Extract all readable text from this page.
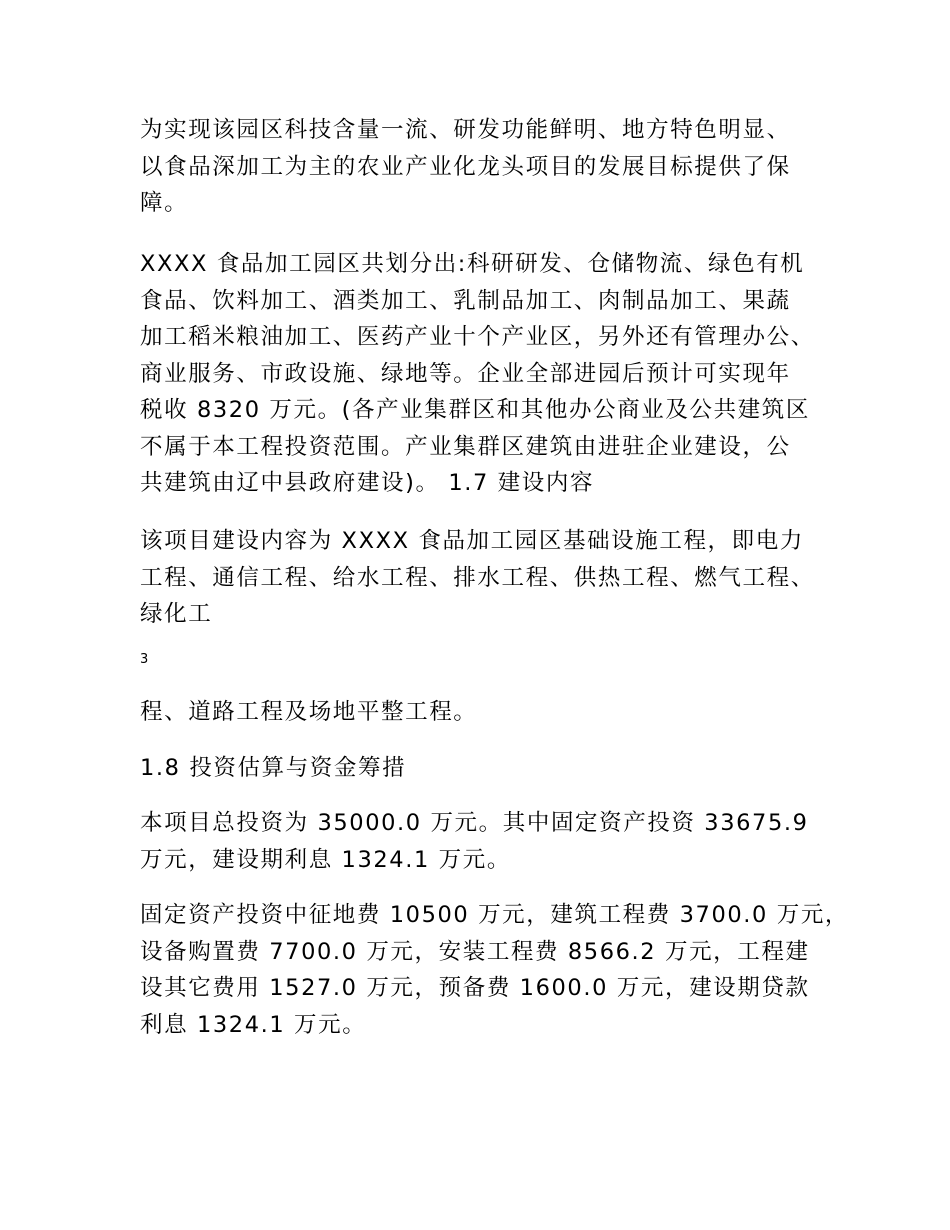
为实现该园区科技含量一流、研发功能鲜明、地方特色明显、
以食品深加工为主的农业产业化龙头项目的发展目标提供了保
障。

XXXX 食品加工园区共划分出:科研研发、仓储物流、绿色有机
食品、饮料加工、酒类加工、乳制品加工、肉制品加工、果蔬
加工稻米粮油加工、医药产业十个产业区，另外还有管理办公、
商业服务、市政设施、绿地等。企业全部进园后预计可实现年
税收 8320 万元。(各产业集群区和其他办公商业及公共建筑区
不属于本工程投资范围。产业集群区建筑由进驻企业建设，公
共建筑由辽中县政府建设)。 1.7 建设内容

该项目建设内容为 XXXX 食品加工园区基础设施工程，即电力
工程、通信工程、给水工程、排水工程、供热工程、燃气工程、
绿化工

3

程、道路工程及场地平整工程。

1.8 投资估算与资金筹措

本项目总投资为 35000.0 万元。其中固定资产投资 33675.9
万元，建设期利息 1324.1 万元。

固定资产投资中征地费 10500 万元，建筑工程费 3700.0 万元，
设备购置费 7700.0 万元，安装工程费 8566.2 万元，工程建
设其它费用 1527.0 万元，预备费 1600.0 万元，建设期贷款
利息 1324.1 万元。
